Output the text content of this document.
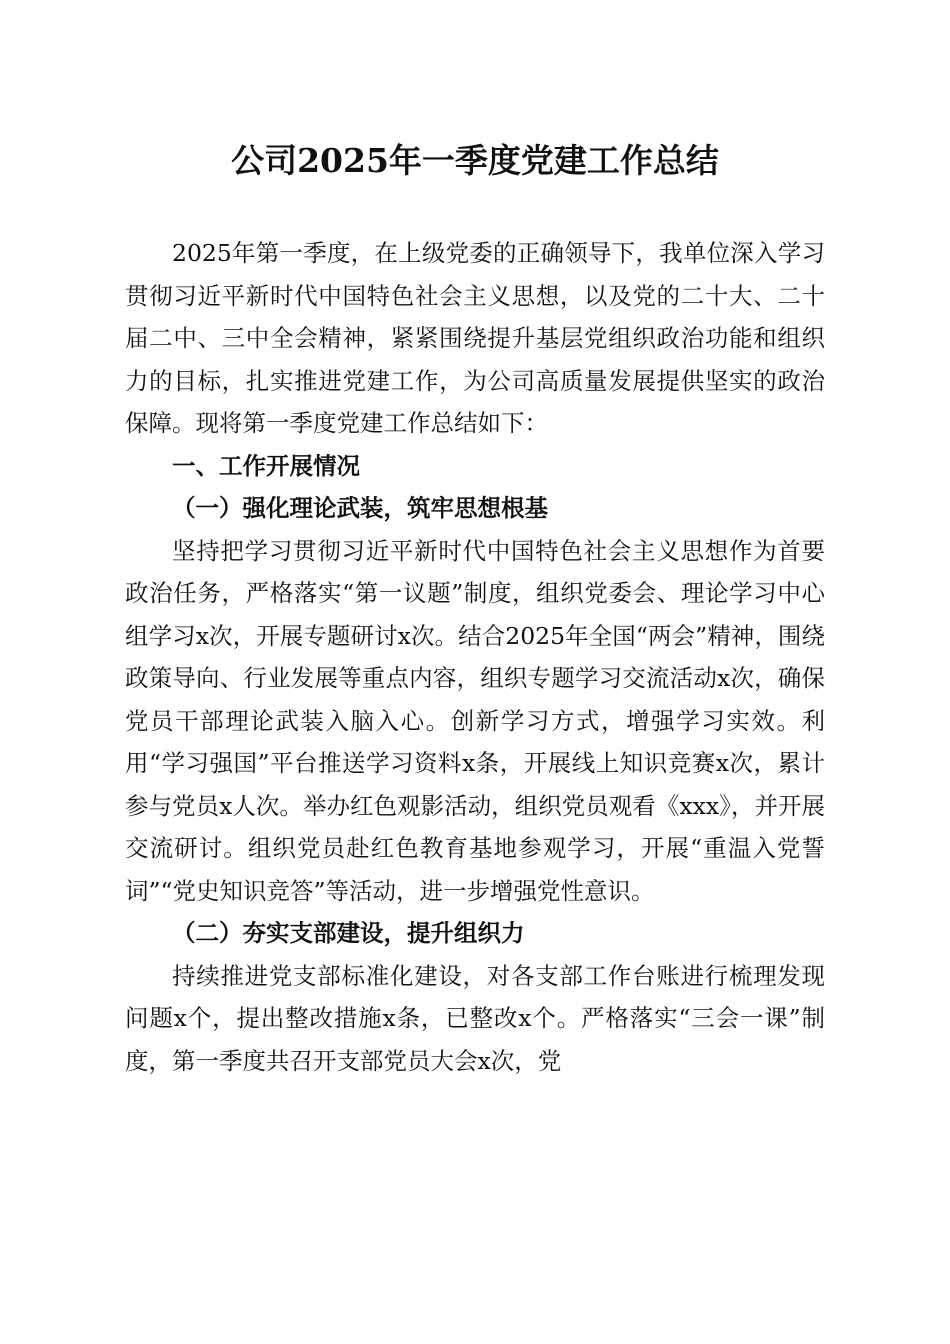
公司2025年一季度党建工作总结

2025年第一季度，在上级党委的正确领导下，我单位深入学习贯彻习近平新时代中国特色社会主义思想，以及党的二十大、二十届二中、三中全会精神，紧紧围绕提升基层党组织政治功能和组织力的目标，扎实推进党建工作，为公司高质量发展提供坚实的政治保障。现将第一季度党建工作总结如下：

一、工作开展情况

（一）强化理论武装，筑牢思想根基

坚持把学习贯彻习近平新时代中国特色社会主义思想作为首要政治任务，严格落实“第一议题”制度，组织党委会、理论学习中心组学习x次，开展专题研讨x次。结合2025年全国“两会”精神，围绕政策导向、行业发展等重点内容，组织专题学习交流活动x次，确保党员干部理论武装入脑入心。创新学习方式，增强学习实效。利用“学习强国”平台推送学习资料x条，开展线上知识竞赛x次，累计参与党员x人次。举办红色观影活动，组织党员观看《xxx》，并开展交流研讨。组织党员赴红色教育基地参观学习，开展“重温入党誓词”“党史知识竞答”等活动，进一步增强党性意识。

（二）夯实支部建设，提升组织力

持续推进党支部标准化建设，对各支部工作台账进行梳理发现问题x个，提出整改措施x条，已整改x个。严格落实“三会一课”制度，第一季度共召开支部党员大会x次，党
